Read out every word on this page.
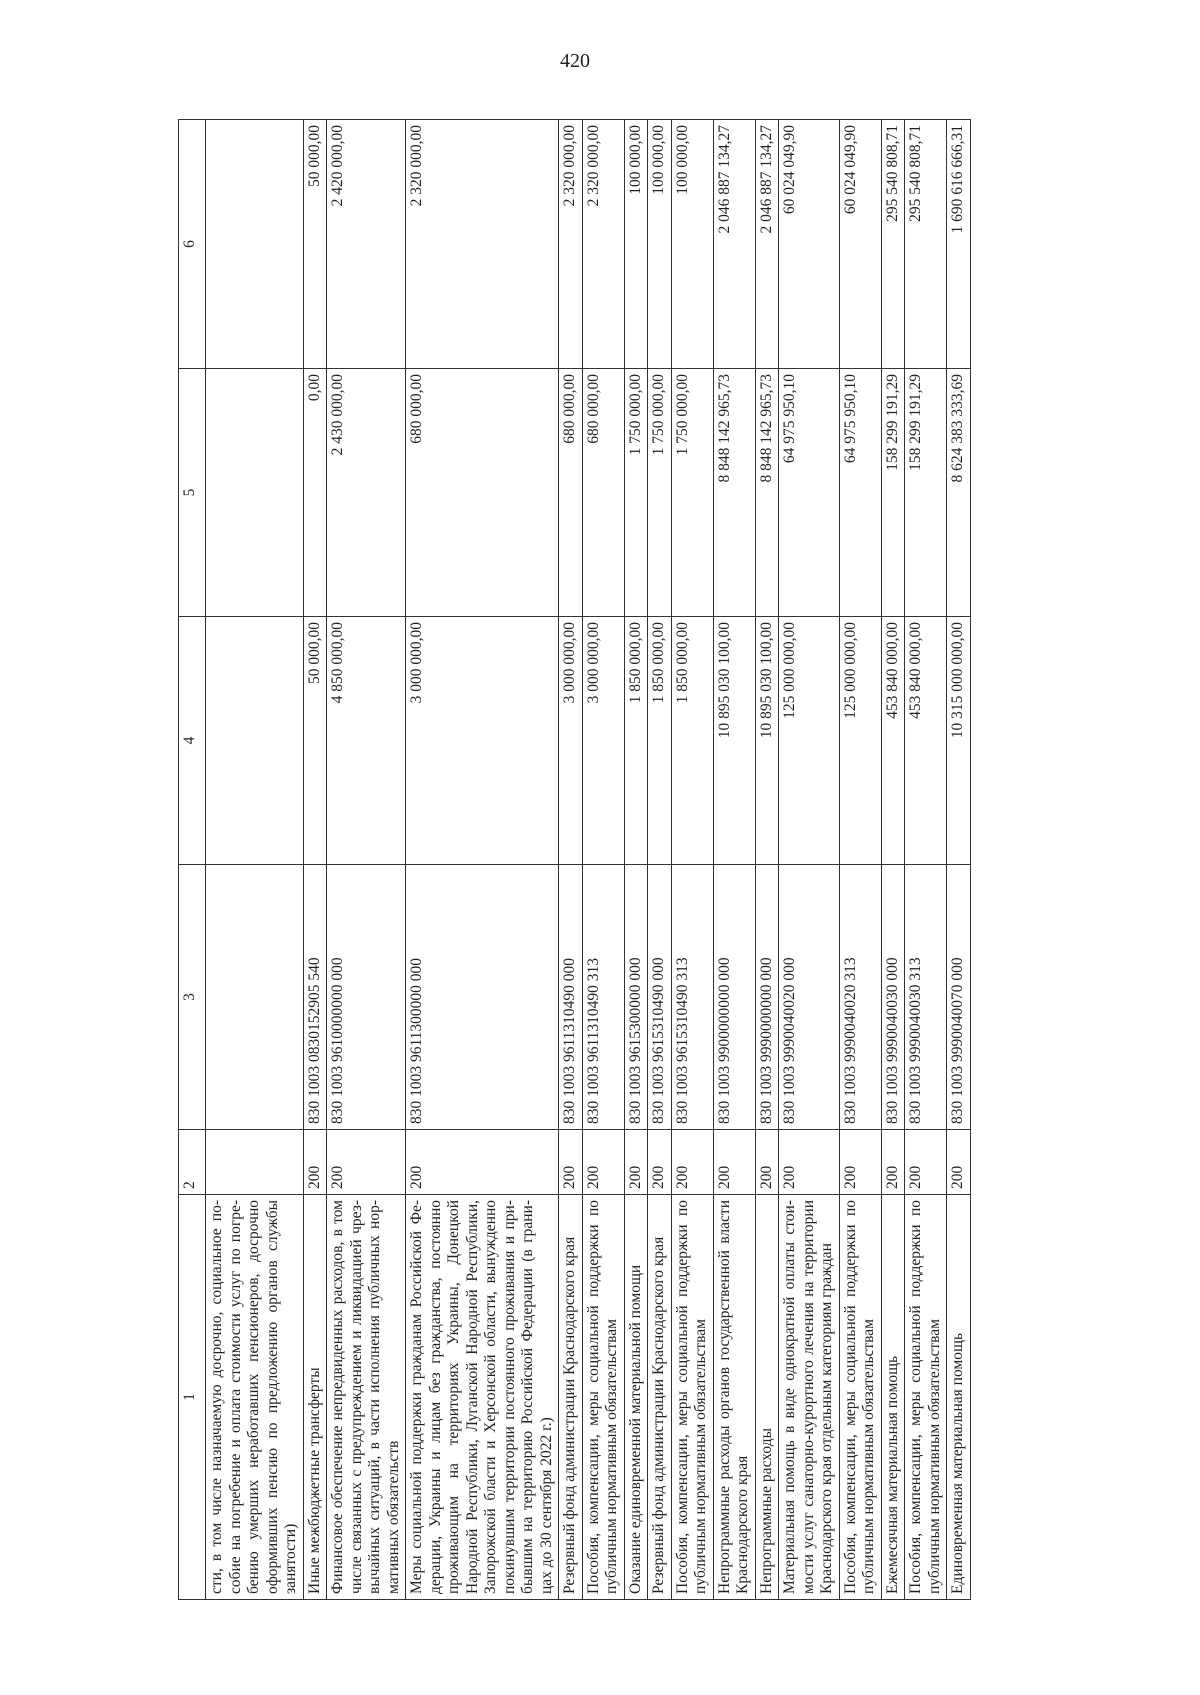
420
1	2	3	4	5	6
сти, в том числе назначаемую досрочно, социальное пособие на погребение и оплата стоимости услуг по погребению умерших неработавших пенсионеров, досрочно оформивших пенсию по предложению органов службы занятости)					
Иные межбюджетные трансферты	200	830 1003 0830152905 540	50 000,00	0,00	50 000,00
Финансовое обеспечение непредвиденных расходов, в том числе связанных с предупреждением и ликвидацией чрезвычайных ситуаций, в части исполнения публичных нормативных обязательств	200	830 1003 9610000000 000	4 850 000,00	2 430 000,00	2 420 000,00
Меры социальной поддержки гражданам Российской Федерации, Украины и лицам без гражданства, постоянно проживающим на территориях Украины, Донецкой Народной Республики, Луганской Народной Республики, Запорожской бласти и Херсонской области, вынужденно покинувшим территории постоянного проживания и прибывшим на территорию Российской Федерации (в границах до 30 сентября 2022 г.)	200	830 1003 9611300000 000	3 000 000,00	680 000,00	2 320 000,00
Резервный фонд администрации Краснодарского края	200	830 1003 9611310490 000	3 000 000,00	680 000,00	2 320 000,00
Пособия, компенсации, меры социальной поддержки по публичным нормативным обязательствам	200	830 1003 9611310490 313	3 000 000,00	680 000,00	2 320 000,00
Оказание единовременной материальной помощи	200	830 1003 9615300000 000	1 850 000,00	1 750 000,00	100 000,00
Резервный фонд администрации Краснодарского края	200	830 1003 9615310490 000	1 850 000,00	1 750 000,00	100 000,00
Пособия, компенсации, меры социальной поддержки по публичным нормативным обязательствам	200	830 1003 9615310490 313	1 850 000,00	1 750 000,00	100 000,00
Непрограммные расходы органов государственной власти Краснодарского края	200	830 1003 9900000000 000	10 895 030 100,00	8 848 142 965,73	2 046 887 134,27
Непрограммные расходы	200	830 1003 9990000000 000	10 895 030 100,00	8 848 142 965,73	2 046 887 134,27
Материальная помощь в виде однократной оплаты стоимости услуг санаторно-курортного лечения на территории Краснодарского края отдельным категориям граждан	200	830 1003 9990040020 000	125 000 000,00	64 975 950,10	60 024 049,90
Пособия, компенсации, меры социальной поддержки по публичным нормативным обязательствам	200	830 1003 9990040020 313	125 000 000,00	64 975 950,10	60 024 049,90
Ежемесячная материальная помощь	200	830 1003 9990040030 000	453 840 000,00	158 299 191,29	295 540 808,71
Пособия, компенсации, меры социальной поддержки по публичным нормативным обязательствам	200	830 1003 9990040030 313	453 840 000,00	158 299 191,29	295 540 808,71
Единовременная материальная помощь	200	830 1003 9990040070 000	10 315 000 000,00	8 624 383 333,69	1 690 616 666,31
